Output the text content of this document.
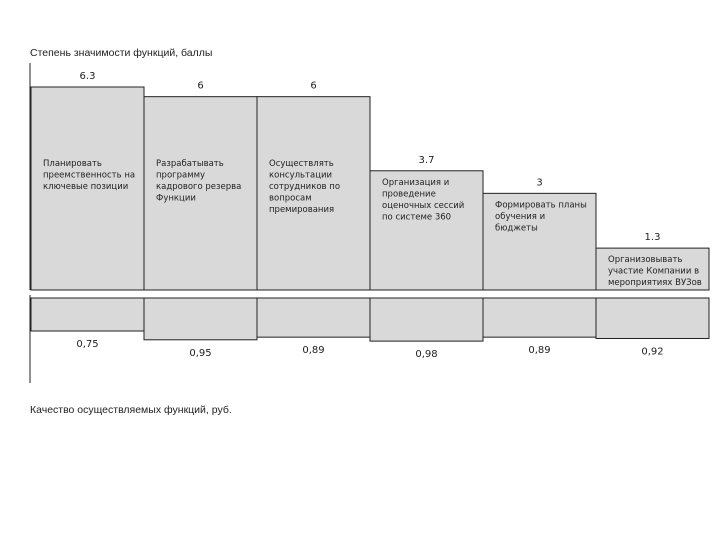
Степень значимости функций, баллы
6.3
Планировать преемственность на ключевые позиции
6
Разрабатывать программу кадрового резерва Функции
6
Осуществлять консультации сотрудников по вопросам премирования
3.7
Организация и проведение оценочных сессий по системе 360
3
Формировать планы обучения и бюджеты
1.3
Организовывать участие Компании в мероприятиях ВУЗов
0,75
0,95	0,89	0,98	0,89	0,92
Качество осуществляемых функций, руб.
